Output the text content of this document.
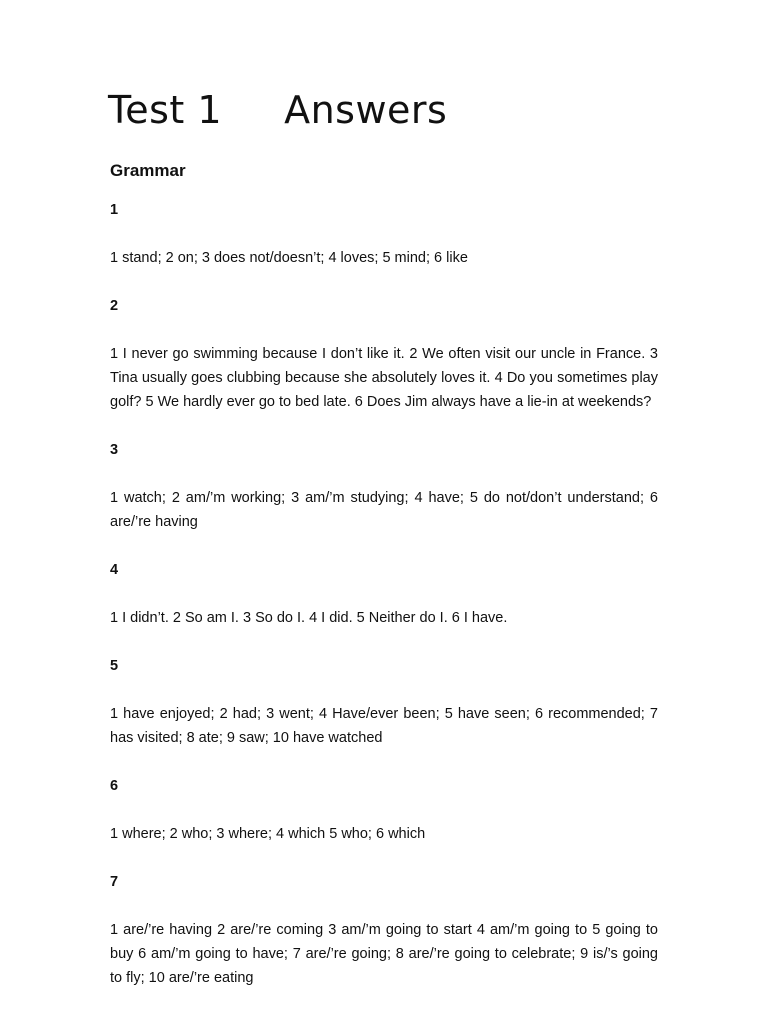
Test 1 Answers
Grammar

1

1 stand; 2 on; 3 does not/doesn’t; 4 loves; 5 mind; 6 like

2

1 I never go swimming because I don’t like it. 2 We often visit our uncle in France. 3 Tina usually goes clubbing because she absolutely loves it. 4 Do you sometimes play golf? 5 We hardly ever go to bed late. 6 Does Jim always have a lie-in at weekends?

3

1 watch; 2 am/’m working; 3 am/’m studying; 4 have; 5 do not/don’t understand; 6 are/’re having

4

1 I didn’t. 2 So am I. 3 So do I. 4 I did. 5 Neither do I. 6 I have.

5

1 have enjoyed; 2 had; 3 went; 4 Have/ever been; 5 have seen; 6 recommended; 7 has visited; 8 ate; 9 saw; 10 have watched

6

1 where; 2 who; 3 where; 4 which 5 who; 6 which

7

1 are/’re having 2 are/’re coming 3 am/’m going to start 4 am/’m going to 5 going to buy 6 am/’m going to have; 7 are/’re going; 8 are/’re going to celebrate; 9 is/’s going to fly; 10 are/’re eating
